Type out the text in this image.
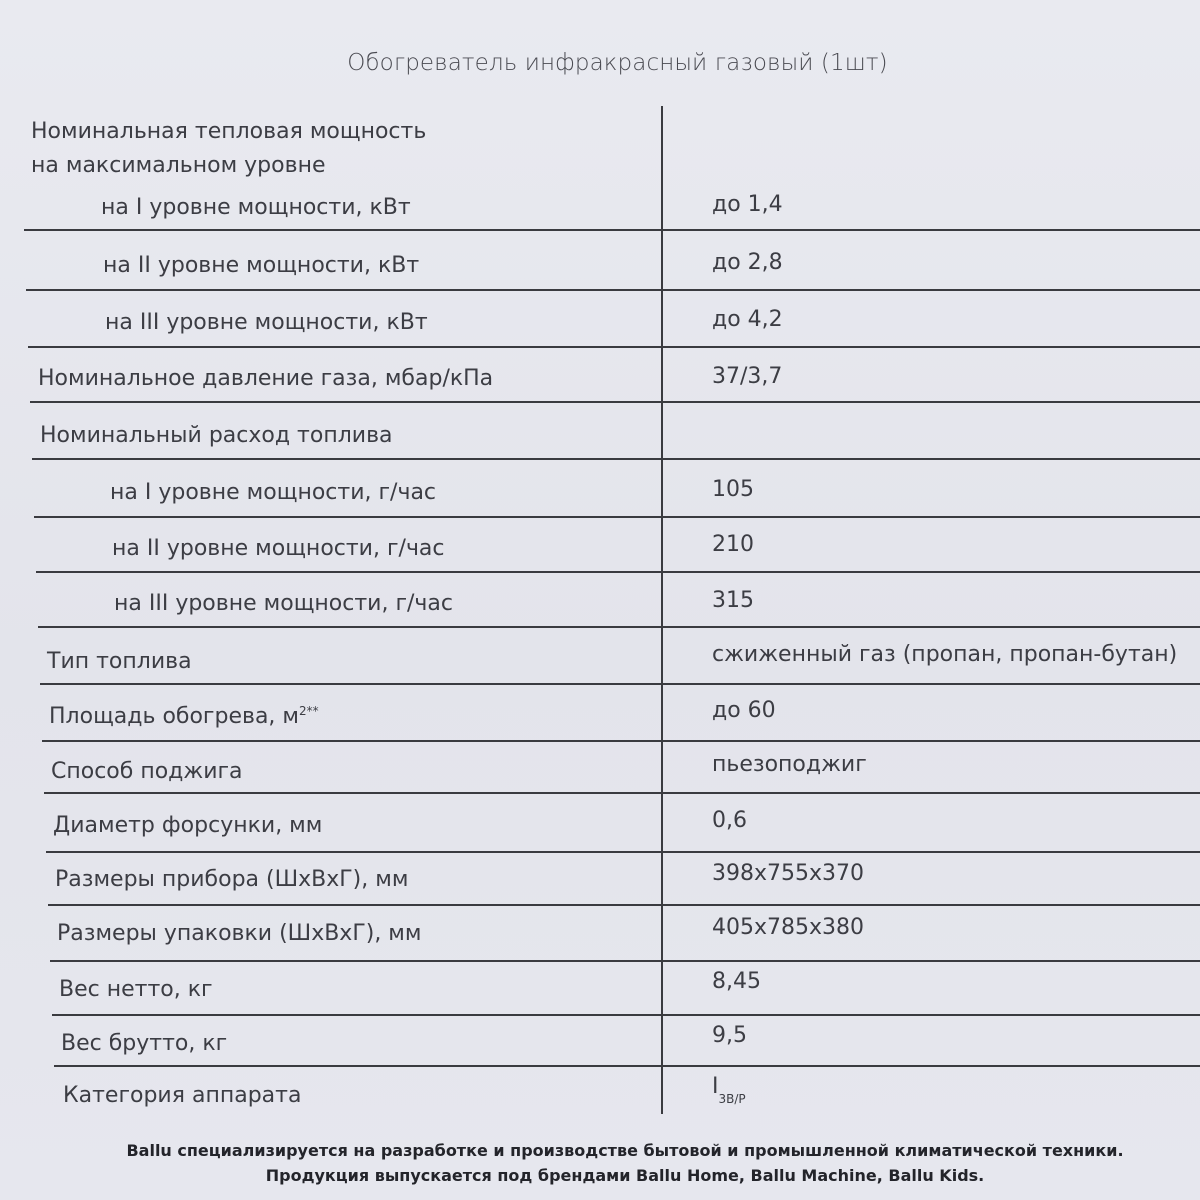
Обогреватель инфракрасный газовый (1шт)
Номинальная тепловая мощность
на максимальном уровне
на I уровне мощности, кВт
на II уровне мощности, кВт
на III уровне мощности, кВт
Номинальное давление газа, мбар/кПа
Номинальный расход топлива
на I уровне мощности, г/час
на II уровне мощности, г/час
на III уровне мощности, г/час
Тип топлива
Площадь обогрева, $м^{2**}$
Способ поджига
Диаметр форсунки, мм
Размеры прибора (ШхВхГ), мм
Размеры упаковки (ШхВхГ), мм
Вес нетто, кг
Вес брутто, кг
Категория аппарата
до 1,4
до 2,8
до 4,2
37/3,7
105
210
315
сжиженный газ (пропан, пропан-бутан)
до 60
пьезоподжиг
0,6
398x755x370
405x785x380
8,45
9,5
$I_{3В/Р}$
Ballu специализируется на разработке и производстве бытовой и промышленной климатической техники.
Продукция выпускается под брендами Ballu Home, Ballu Machine, Ballu Kids.
